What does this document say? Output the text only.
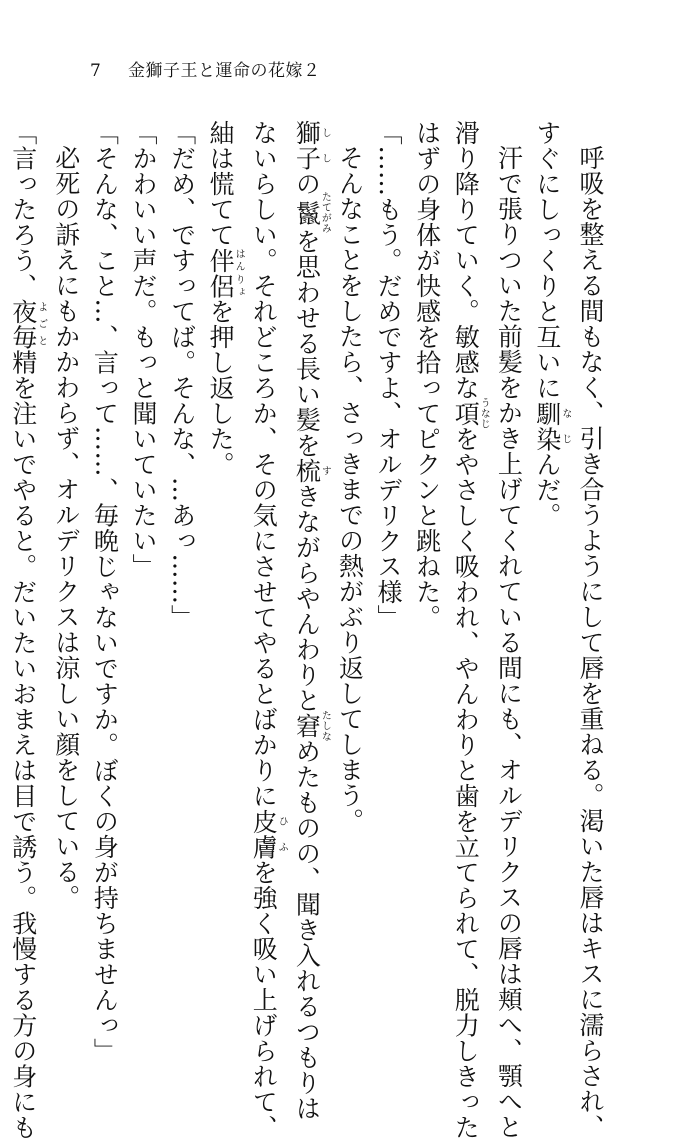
7 金獅子王と運命の花嫁２

呼吸を整える間もなく、引き合うようにして唇を重ねる。渇いた唇はキスに濡らされ、

すぐにしっくりと互いに馴染なじんだ。

汗で張りついた前髪をかき上げてくれている間にも、オルデリクスの唇は頬へ、顎へと

滑り降りていく。敏感な項うなじをやさしく吸われ、やんわりと歯を立てられて、脱力しきった

はずの身体が快感を拾ってピクンと跳ねた。

「……もう。だめですよ、オルデリクス様」

そんなことをしたら、さっきまでの熱がぶり返してしまう。

獅子ししの鬣たてがみを思わせる長い髪を梳すきながらやんわりと窘たしなめたものの、聞き入れるつもりは

ないらしい。それどころか、その気にさせてやるとばかりに皮膚ひふを強く吸い上げられて、

紬は慌てて伴侶はんりょを押し返した。

「だめ、ですってば。そんな、…あっ……」

「かわいい声だ。もっと聞いていたい」

「そんな、こと…、言って……、毎晩じゃないですか。ぼくの身が持ちませんっ」

必死の訴えにもかかわらず、オルデリクスは涼しい顔をしている。

「言ったろう、夜毎よごと精を注いでやると。だいたいおまえは目で誘う。我慢する方の身にも
